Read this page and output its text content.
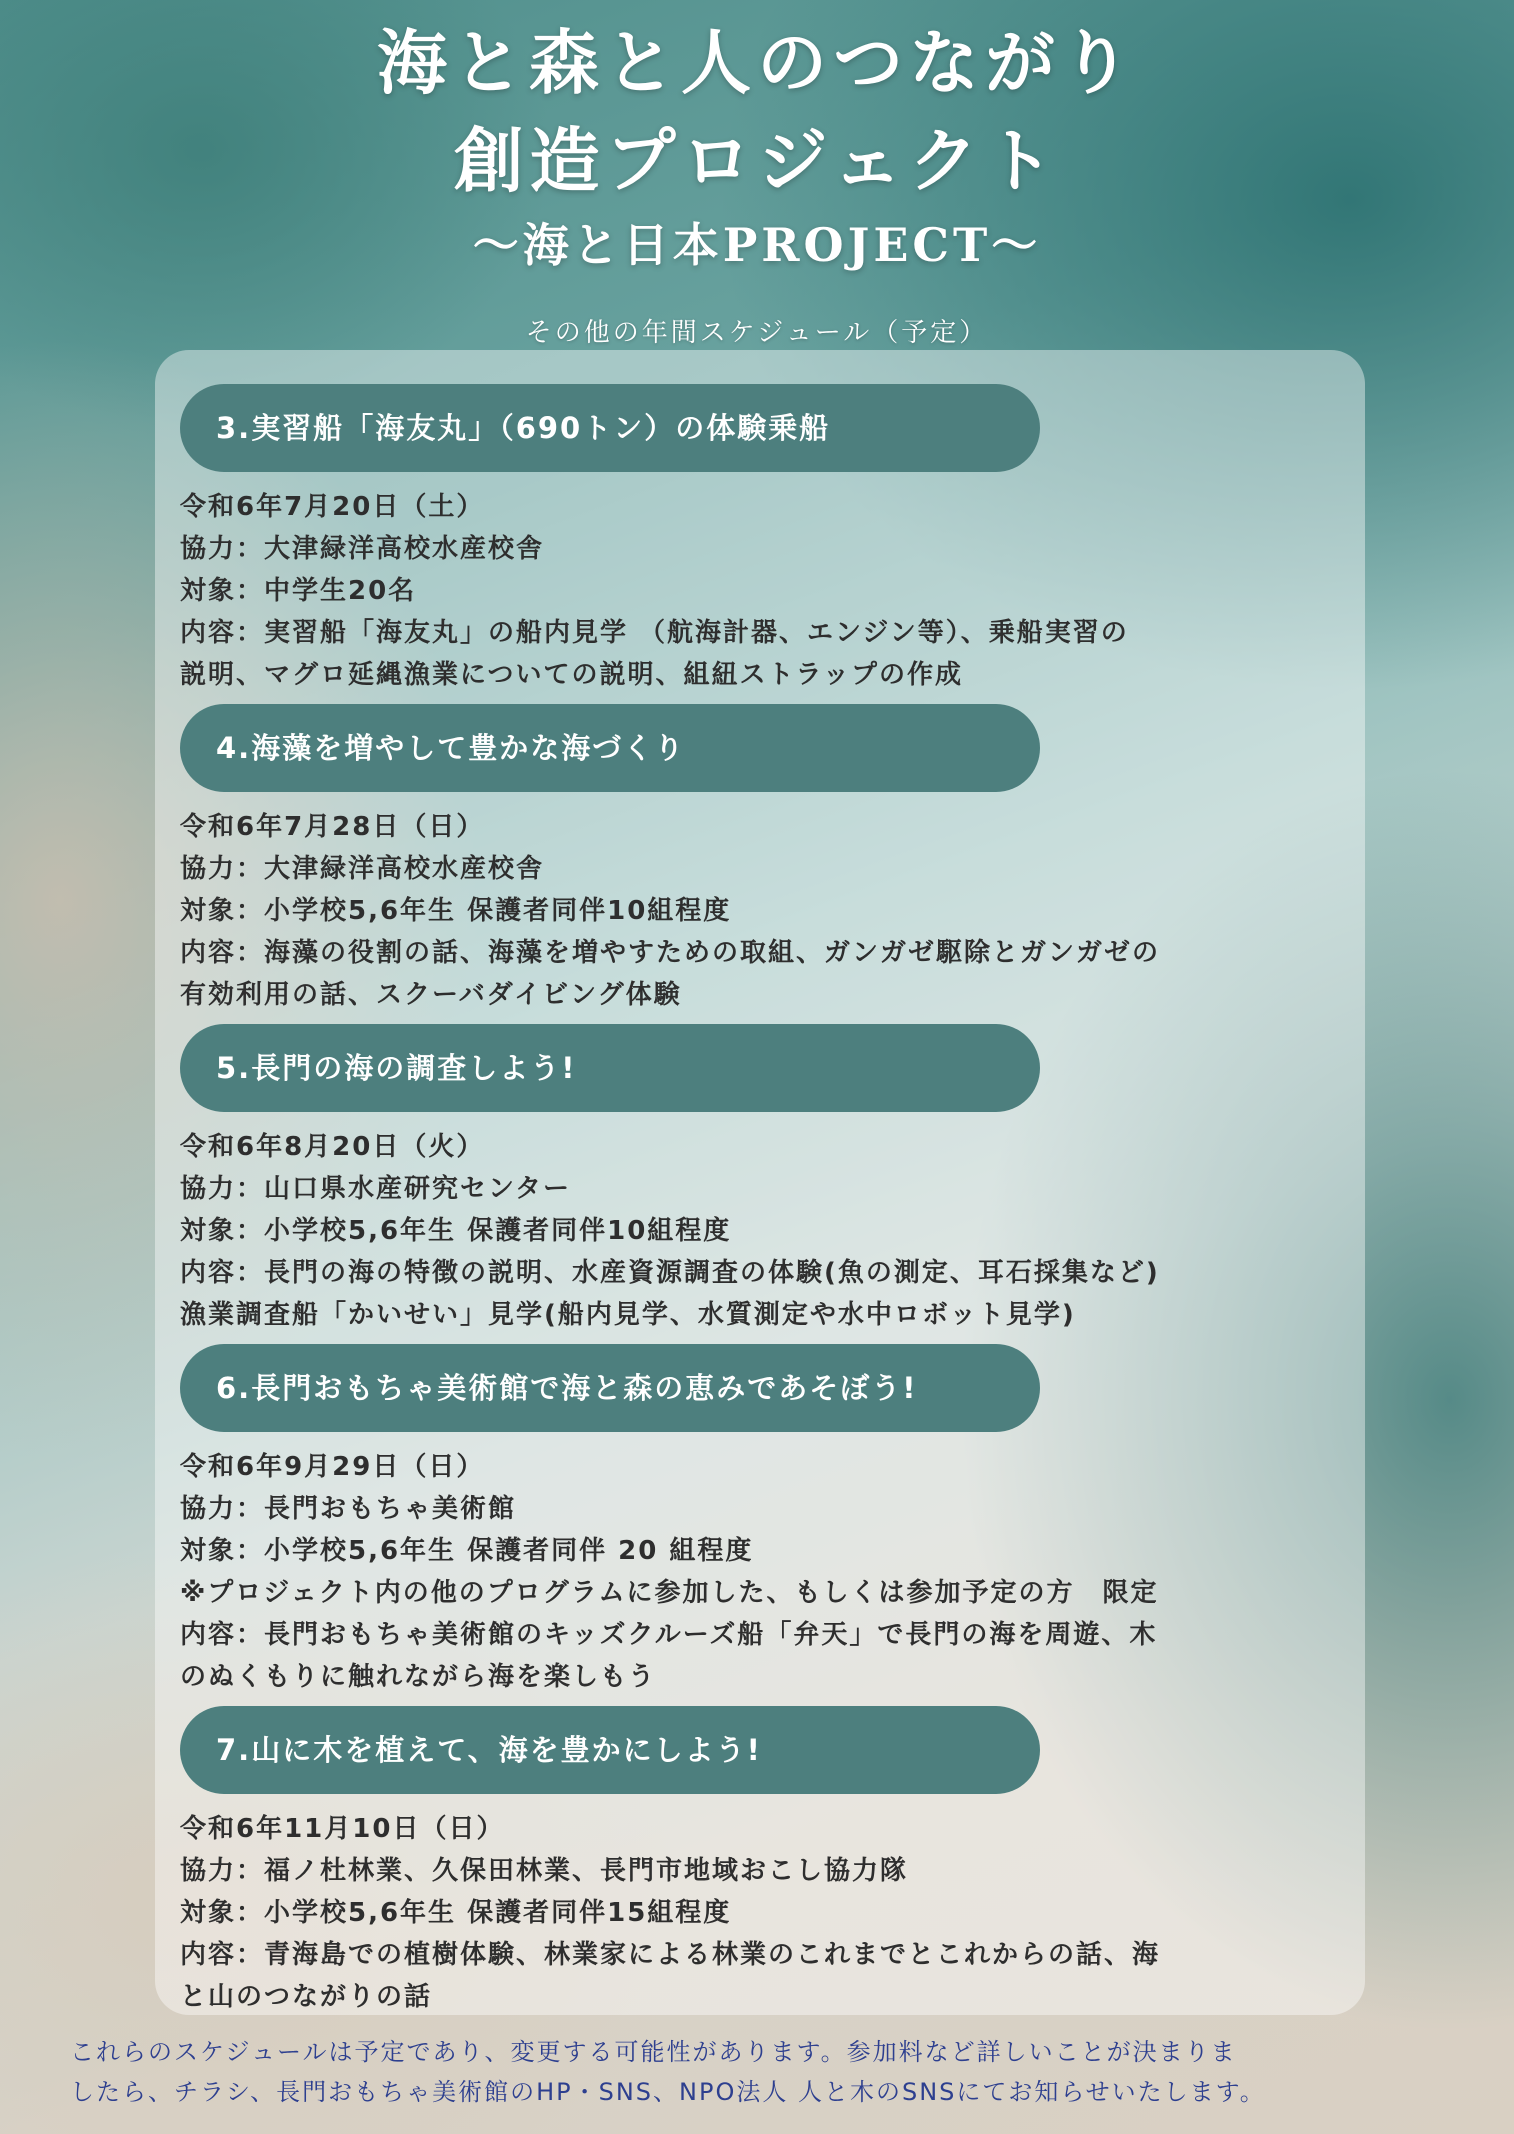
海と森と人のつながり
創造プロジェクト
～海と日本PROJECT～
その他の年間スケジュール（予定）
3.実習船「海友丸」（690トン）の体験乗船
令和6年7月20日（土）
協力：大津緑洋高校水産校舎
対象：中学生20名
内容：実習船「海友丸」の船内見学 （航海計器、エンジン等）、乗船実習の
説明、マグロ延縄漁業についての説明、組紐ストラップの作成
4.海藻を増やして豊かな海づくり
令和6年7月28日（日）
協力：大津緑洋高校水産校舎
対象：小学校5,6年生 保護者同伴10組程度
内容：海藻の役割の話、海藻を増やすための取組、ガンガゼ駆除とガンガゼの
有効利用の話、スクーバダイビング体験
5.長門の海の調査しよう!
令和6年8月20日（火）
協力：山口県水産研究センター
対象：小学校5,6年生 保護者同伴10組程度
内容：長門の海の特徴の説明、水産資源調査の体験(魚の測定、耳石採集など)
漁業調査船「かいせい」見学(船内見学、水質測定や水中ロボット見学)
6.長門おもちゃ美術館で海と森の恵みであそぼう!
令和6年9月29日（日）
協力：長門おもちゃ美術館
対象：小学校5,6年生 保護者同伴 20 組程度
※プロジェクト内の他のプログラムに参加した、もしくは参加予定の方　限定
内容：長門おもちゃ美術館のキッズクルーズ船「弁天」で長門の海を周遊、木
のぬくもりに触れながら海を楽しもう
7.山に木を植えて、海を豊かにしよう!
令和6年11月10日（日）
協力：福ノ杜林業、久保田林業、長門市地域おこし協力隊
対象：小学校5,6年生 保護者同伴15組程度
内容：青海島での植樹体験、林業家による林業のこれまでとこれからの話、海
と山のつながりの話
これらのスケジュールは予定であり、変更する可能性があります。参加料など詳しいことが決まりま
したら、チラシ、長門おもちゃ美術館のHP・SNS、NPO法人 人と木のSNSにてお知らせいたします。
